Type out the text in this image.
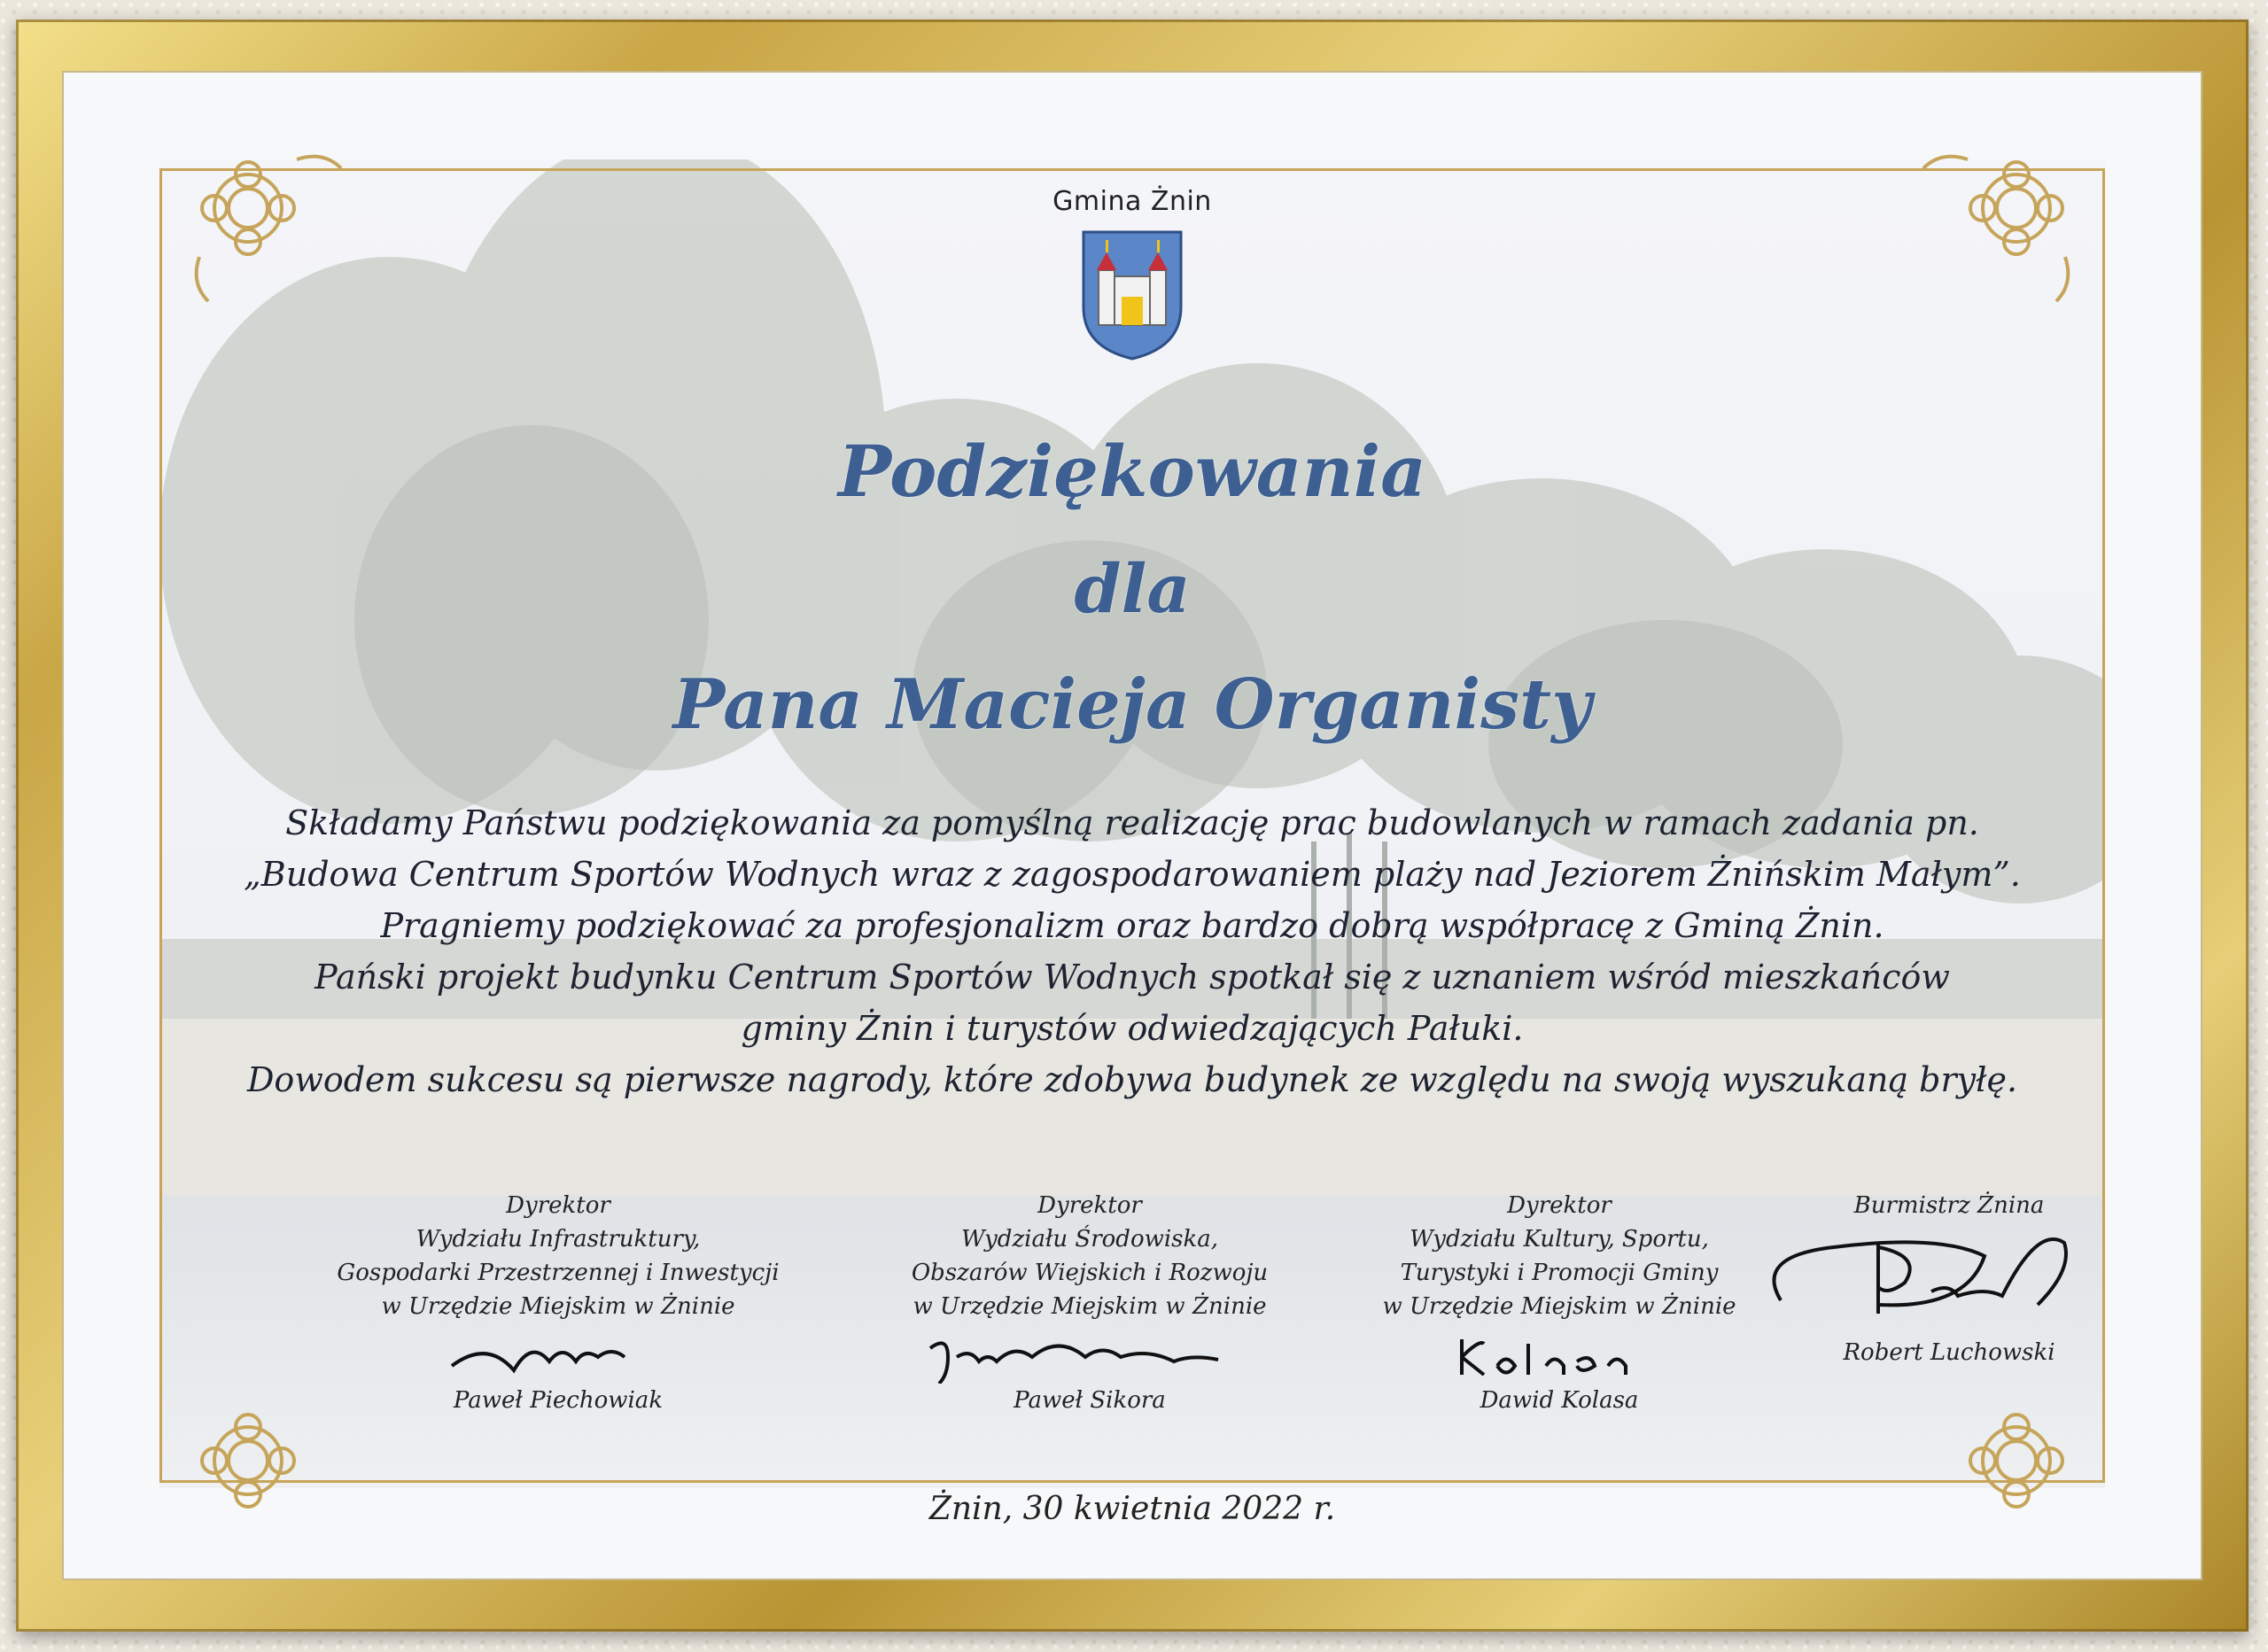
Gmina Żnin
Podziękowania
dla
Pana Macieja Organisty
Składamy Państwu podziękowania za pomyślną realizację prac budowlanych w ramach zadania pn.
„Budowa Centrum Sportów Wodnych wraz z zagospodarowaniem plaży nad Jeziorem Żnińskim Małym”.
Pragniemy podziękować za profesjonalizm oraz bardzo dobrą współpracę z Gminą Żnin.
Pański projekt budynku Centrum Sportów Wodnych spotkał się z uznaniem wśród mieszkańców
gminy Żnin i turystów odwiedzających Pałuki.
Dowodem sukcesu są pierwsze nagrody, które zdobywa budynek ze względu na swoją wyszukaną bryłę.
Dyrektor
Wydziału Infrastruktury,
Gospodarki Przestrzennej i Inwestycji
w Urzędzie Miejskim w Żninie
Paweł Piechowiak
Dyrektor
Wydziału Środowiska,
Obszarów Wiejskich i Rozwoju
w Urzędzie Miejskim w Żninie
Paweł Sikora
Dyrektor
Wydziału Kultury, Sportu,
Turystyki i Promocji Gminy
w Urzędzie Miejskim w Żninie
Dawid Kolasa
Burmistrz Żnina
Robert Luchowski
Żnin, 30 kwietnia 2022 r.
